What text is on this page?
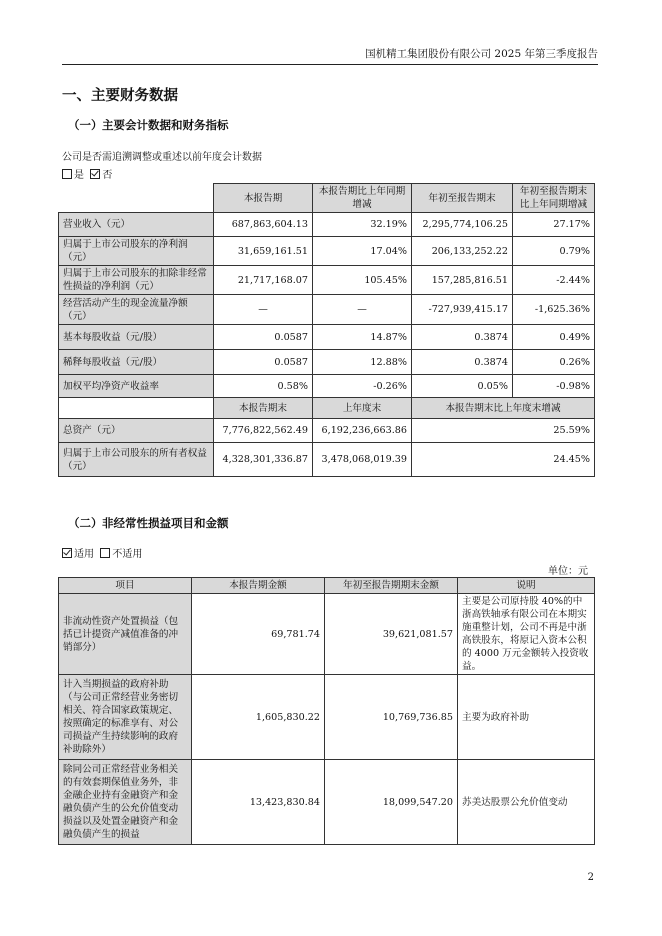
国机精工集团股份有限公司 2025 年第三季度报告
一、主要财务数据
（一）主要会计数据和财务指标
公司是否需追溯调整或重述以前年度会计数据
是 否
	本报告期	本报告期比上年同期增减	年初至报告期末	年初至报告期末比上年同期增减
营业收入（元）	687,863,604.13	32.19%	2,295,774,106.25	27.17%
归属于上市公司股东的净利润（元）	31,659,161.51	17.04%	206,133,252.22	0.79%
归属于上市公司股东的扣除非经常性损益的净利润（元）	21,717,168.07	105.45%	157,285,816.51	-2.44%
经营活动产生的现金流量净额（元）	—	—	-727,939,415.17	-1,625.36%
基本每股收益（元/股）	0.0587	14.87%	0.3874	0.49%
稀释每股收益（元/股）	0.0587	12.88%	0.3874	0.26%
加权平均净资产收益率	0.58%	-0.26%	0.05%	-0.98%
	本报告期末	上年度末	本报告期末比上年度末增减	
总资产（元）	7,776,822,562.49	6,192,236,663.86	25.59%	
归属于上市公司股东的所有者权益（元）	4,328,301,336.87	3,478,068,019.39	24.45%	
（二）非经常性损益项目和金额
适用 不适用
单位：元
项目	本报告期金额	年初至报告期期末金额	说明
非流动性资产处置损益（包括已计提资产减值准备的冲销部分）	69,781.74	39,621,081.57	主要是公司原持股 40%的中浙高铁轴承有限公司在本期实施重整计划，公司不再是中浙高铁股东，将原记入资本公积的 4000 万元金额转入投资收益。
计入当期损益的政府补助（与公司正常经营业务密切相关、符合国家政策规定、按照确定的标准享有、对公司损益产生持续影响的政府补助除外）	1,605,830.22	10,769,736.85	主要为政府补助
除同公司正常经营业务相关的有效套期保值业务外，非金融企业持有金融资产和金融负债产生的公允价值变动损益以及处置金融资产和金融负债产生的损益	13,423,830.84	18,099,547.20	苏美达股票公允价值变动
2
